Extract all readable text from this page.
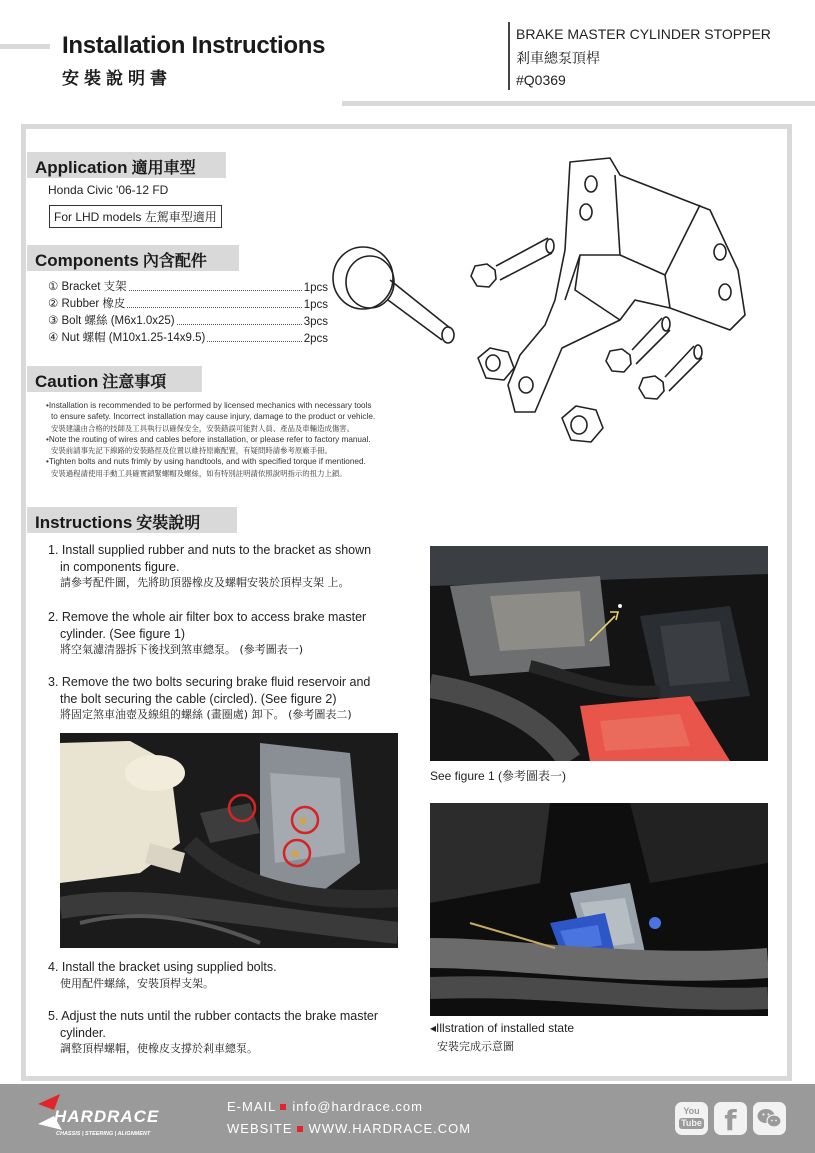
Installation Instructions
安裝說明書
BRAKE MASTER CYLINDER STOPPER
剎車總泵頂桿
#Q0369
Application 適用車型
Honda Civic '06-12 FD
For LHD models 左駕車型適用
Components 內含配件
① Bracket 支架	1pcs
② Rubber 橡皮	1pcs
③ Bolt 螺絲 (M6x1.0x25)	3pcs
④ Nut 螺帽 (M10x1.25-14x9.5)	2pcs
Caution 注意事項
•Installation is recommended to be performed by licensed mechanics with necessary tools
to ensure safety. Incorrect installation may cause injury, damage to the product or vehicle.
安裝建議由合格的技師及工具執行以確保安全，安裝錯誤可能對人員、產品及車輛造成傷害。
•Note the routing of wires and cables before installation, or please refer to factory manual.
安裝前請事先記下線路的安裝路徑及位置以維持原廠配置，有疑問時請參考原廠手冊。
•Tighten bolts and nuts frimly by using handtools, and with specified torque if mentioned.
安裝過程請使用手動工具確實鎖緊螺帽及螺絲，如有特別註明請依照說明指示的扭力上鎖。
Instructions 安裝說明
1. Install supplied rubber and nuts to the bracket as shown
in components figure.
請參考配件圖，先將助頂器橡皮及螺帽安裝於頂桿支架 上。
2. Remove the whole air filter box to access brake master
cylinder. (See figure 1)
將空氣濾清器拆下後找到煞車總泵。 (參考圖表一)
3. Remove the two bolts securing brake fluid reservoir and
the bolt securing the cable (circled). (See figure 2)
將固定煞車油壺及線組的螺絲 (畫圈處) 卸下。 (參考圖表二)
4. Install the bracket using supplied bolts.
使用配件螺絲，安裝頂桿支架。
5. Adjust the nuts until the rubber contacts the brake master
cylinder.
調整頂桿螺帽，使橡皮支撐於剎車總泵。
See figure 1 (參考圖表一)
◂Illstration of installed state
安裝完成示意圖
HARDRACE
CHASSIS | STEERING | ALIGNMENT
E-MAIL info@hardrace.com
WEBSITE WWW.HARDRACE.COM
You
Tube f
